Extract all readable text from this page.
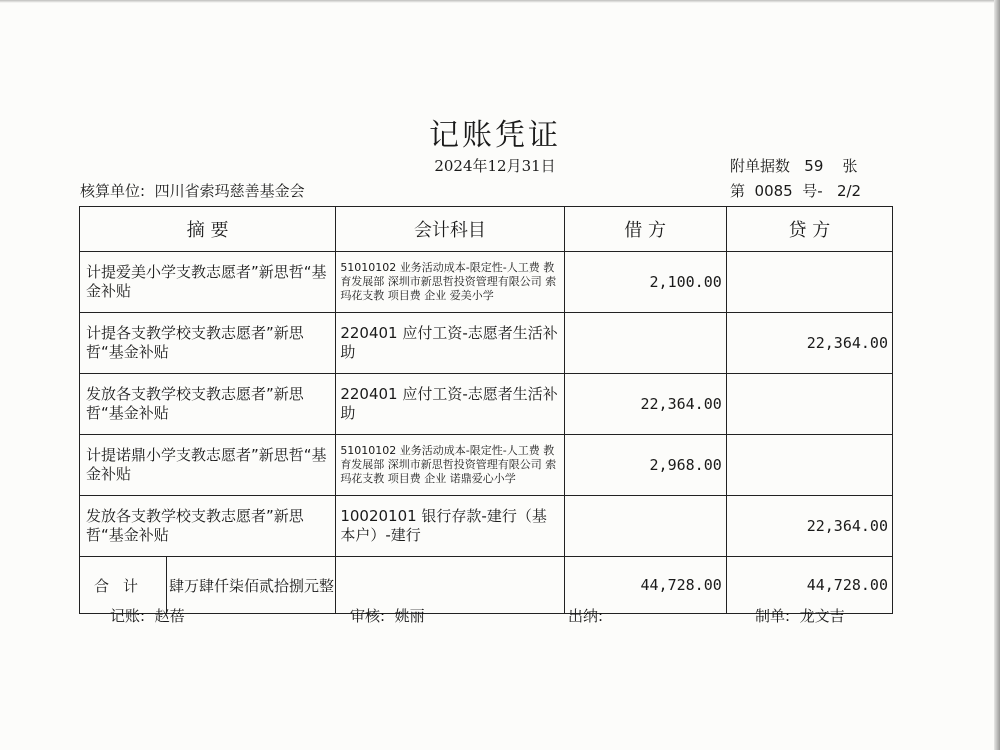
记账凭证
2024年12月31日
核算单位:  四川省索玛慈善基金会
附单据数   59    张
第  0085  号-   2/2
摘 要	会计科目	借 方	贷 方
计提爱美小学支教志愿者”新思哲“基金补贴	51010102 业务活动成本-限定性-人工费 教育发展部 深圳市新思哲投资管理有限公司 索玛花支教 项目费 企业 爱美小学	2,100.00	
计提各支教学校支教志愿者”新思哲“基金补贴	220401 应付工资-志愿者生活补助		22,364.00
发放各支教学校支教志愿者”新思哲“基金补贴	220401 应付工资-志愿者生活补助	22,364.00	
计提诺鼎小学支教志愿者”新思哲“基金补贴	51010102 业务活动成本-限定性-人工费 教育发展部 深圳市新思哲投资管理有限公司 索玛花支教 项目费 企业 诺鼎爱心小学	2,968.00	
发放各支教学校支教志愿者”新思哲“基金补贴	10020101 银行存款-建行（基本户）-建行		22,364.00

合计 肆万肆仟柒佰贰拾捌元整		44,728.00	44,728.00
记账:  赵蓓	审核:  姚丽	出纳:	制单:  龙文吉
